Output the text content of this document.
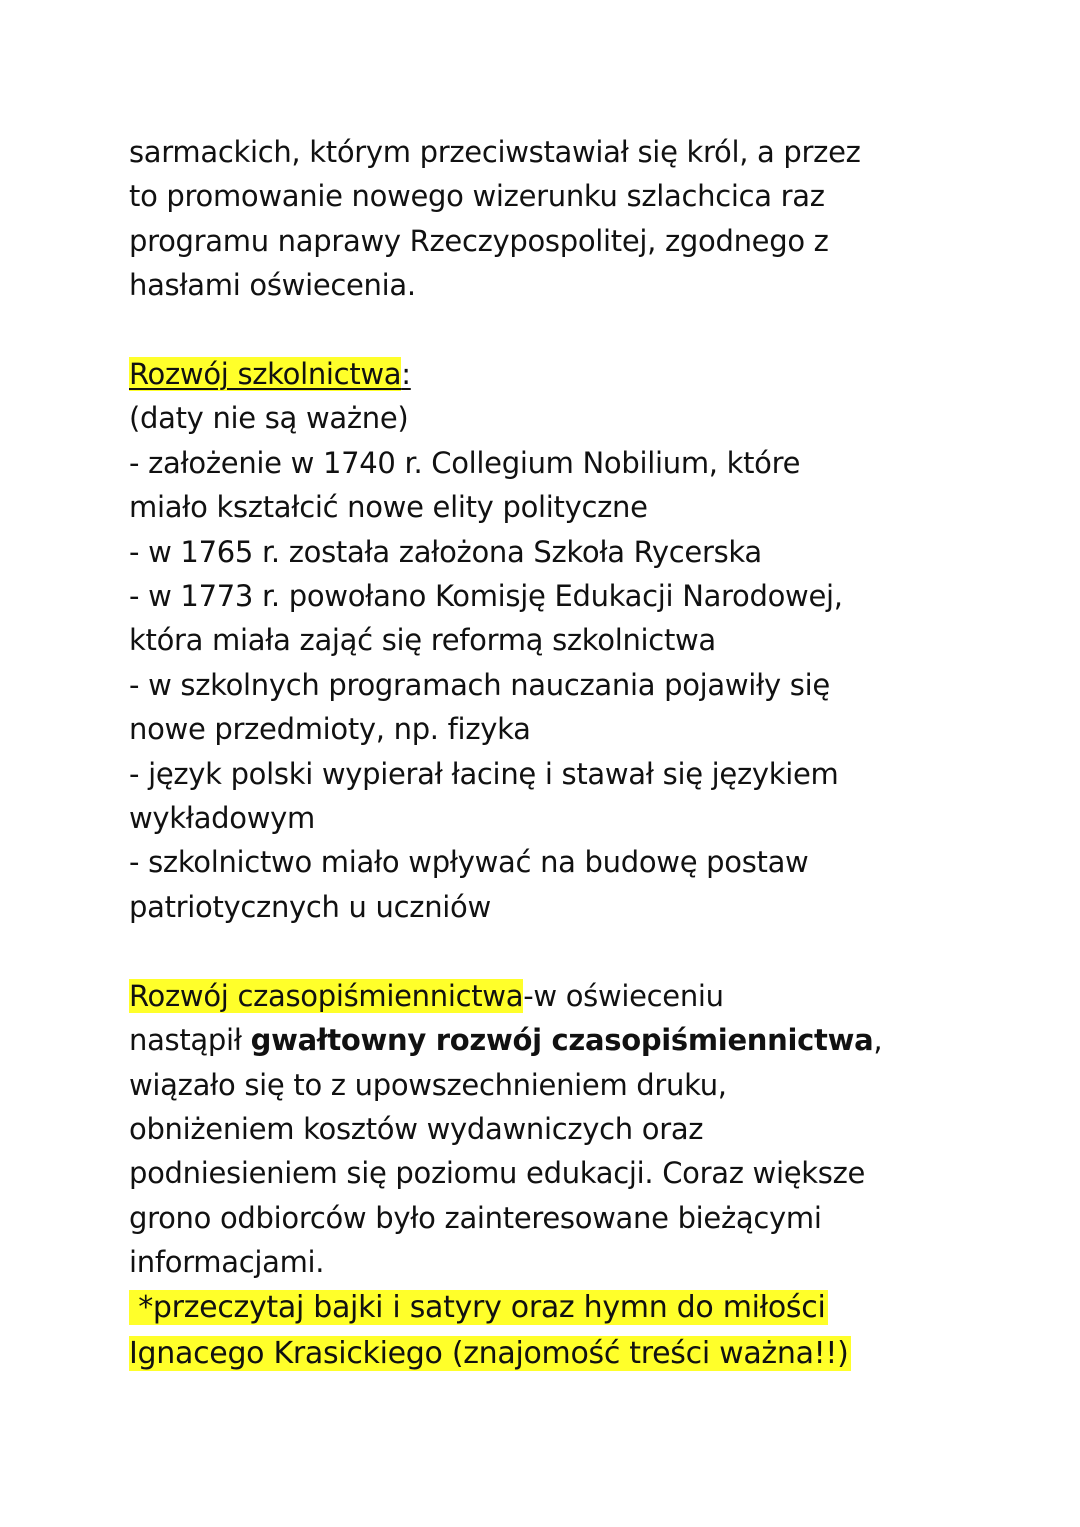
sarmackich, którym przeciwstawiał się król, a przez
to promowanie nowego wizerunku szlachcica raz
programu naprawy Rzeczypospolitej, zgodnego z
hasłami oświecenia.
Rozwój szkolnictwa:
(daty nie są ważne)
- założenie w 1740 r. Collegium Nobilium, które
miało kształcić nowe elity polityczne
- w 1765 r. została założona Szkoła Rycerska
- w 1773 r. powołano Komisję Edukacji Narodowej,
która miała zająć się reformą szkolnictwa
- w szkolnych programach nauczania pojawiły się
nowe przedmioty, np. fizyka
- język polski wypierał łacinę i stawał się językiem
wykładowym
- szkolnictwo miało wpływać na budowę postaw
patriotycznych u uczniów
Rozwój czasopiśmiennictwa-w oświeceniu
nastąpił gwałtowny rozwój czasopiśmiennictwa,
wiązało się to z upowszechnieniem druku,
obniżeniem kosztów wydawniczych oraz
podniesieniem się poziomu edukacji. Coraz większe
grono odbiorców było zainteresowane bieżącymi
informacjami.
*przeczytaj bajki i satyry oraz hymn do miłości
Ignacego Krasickiego (znajomość treści ważna!!)
